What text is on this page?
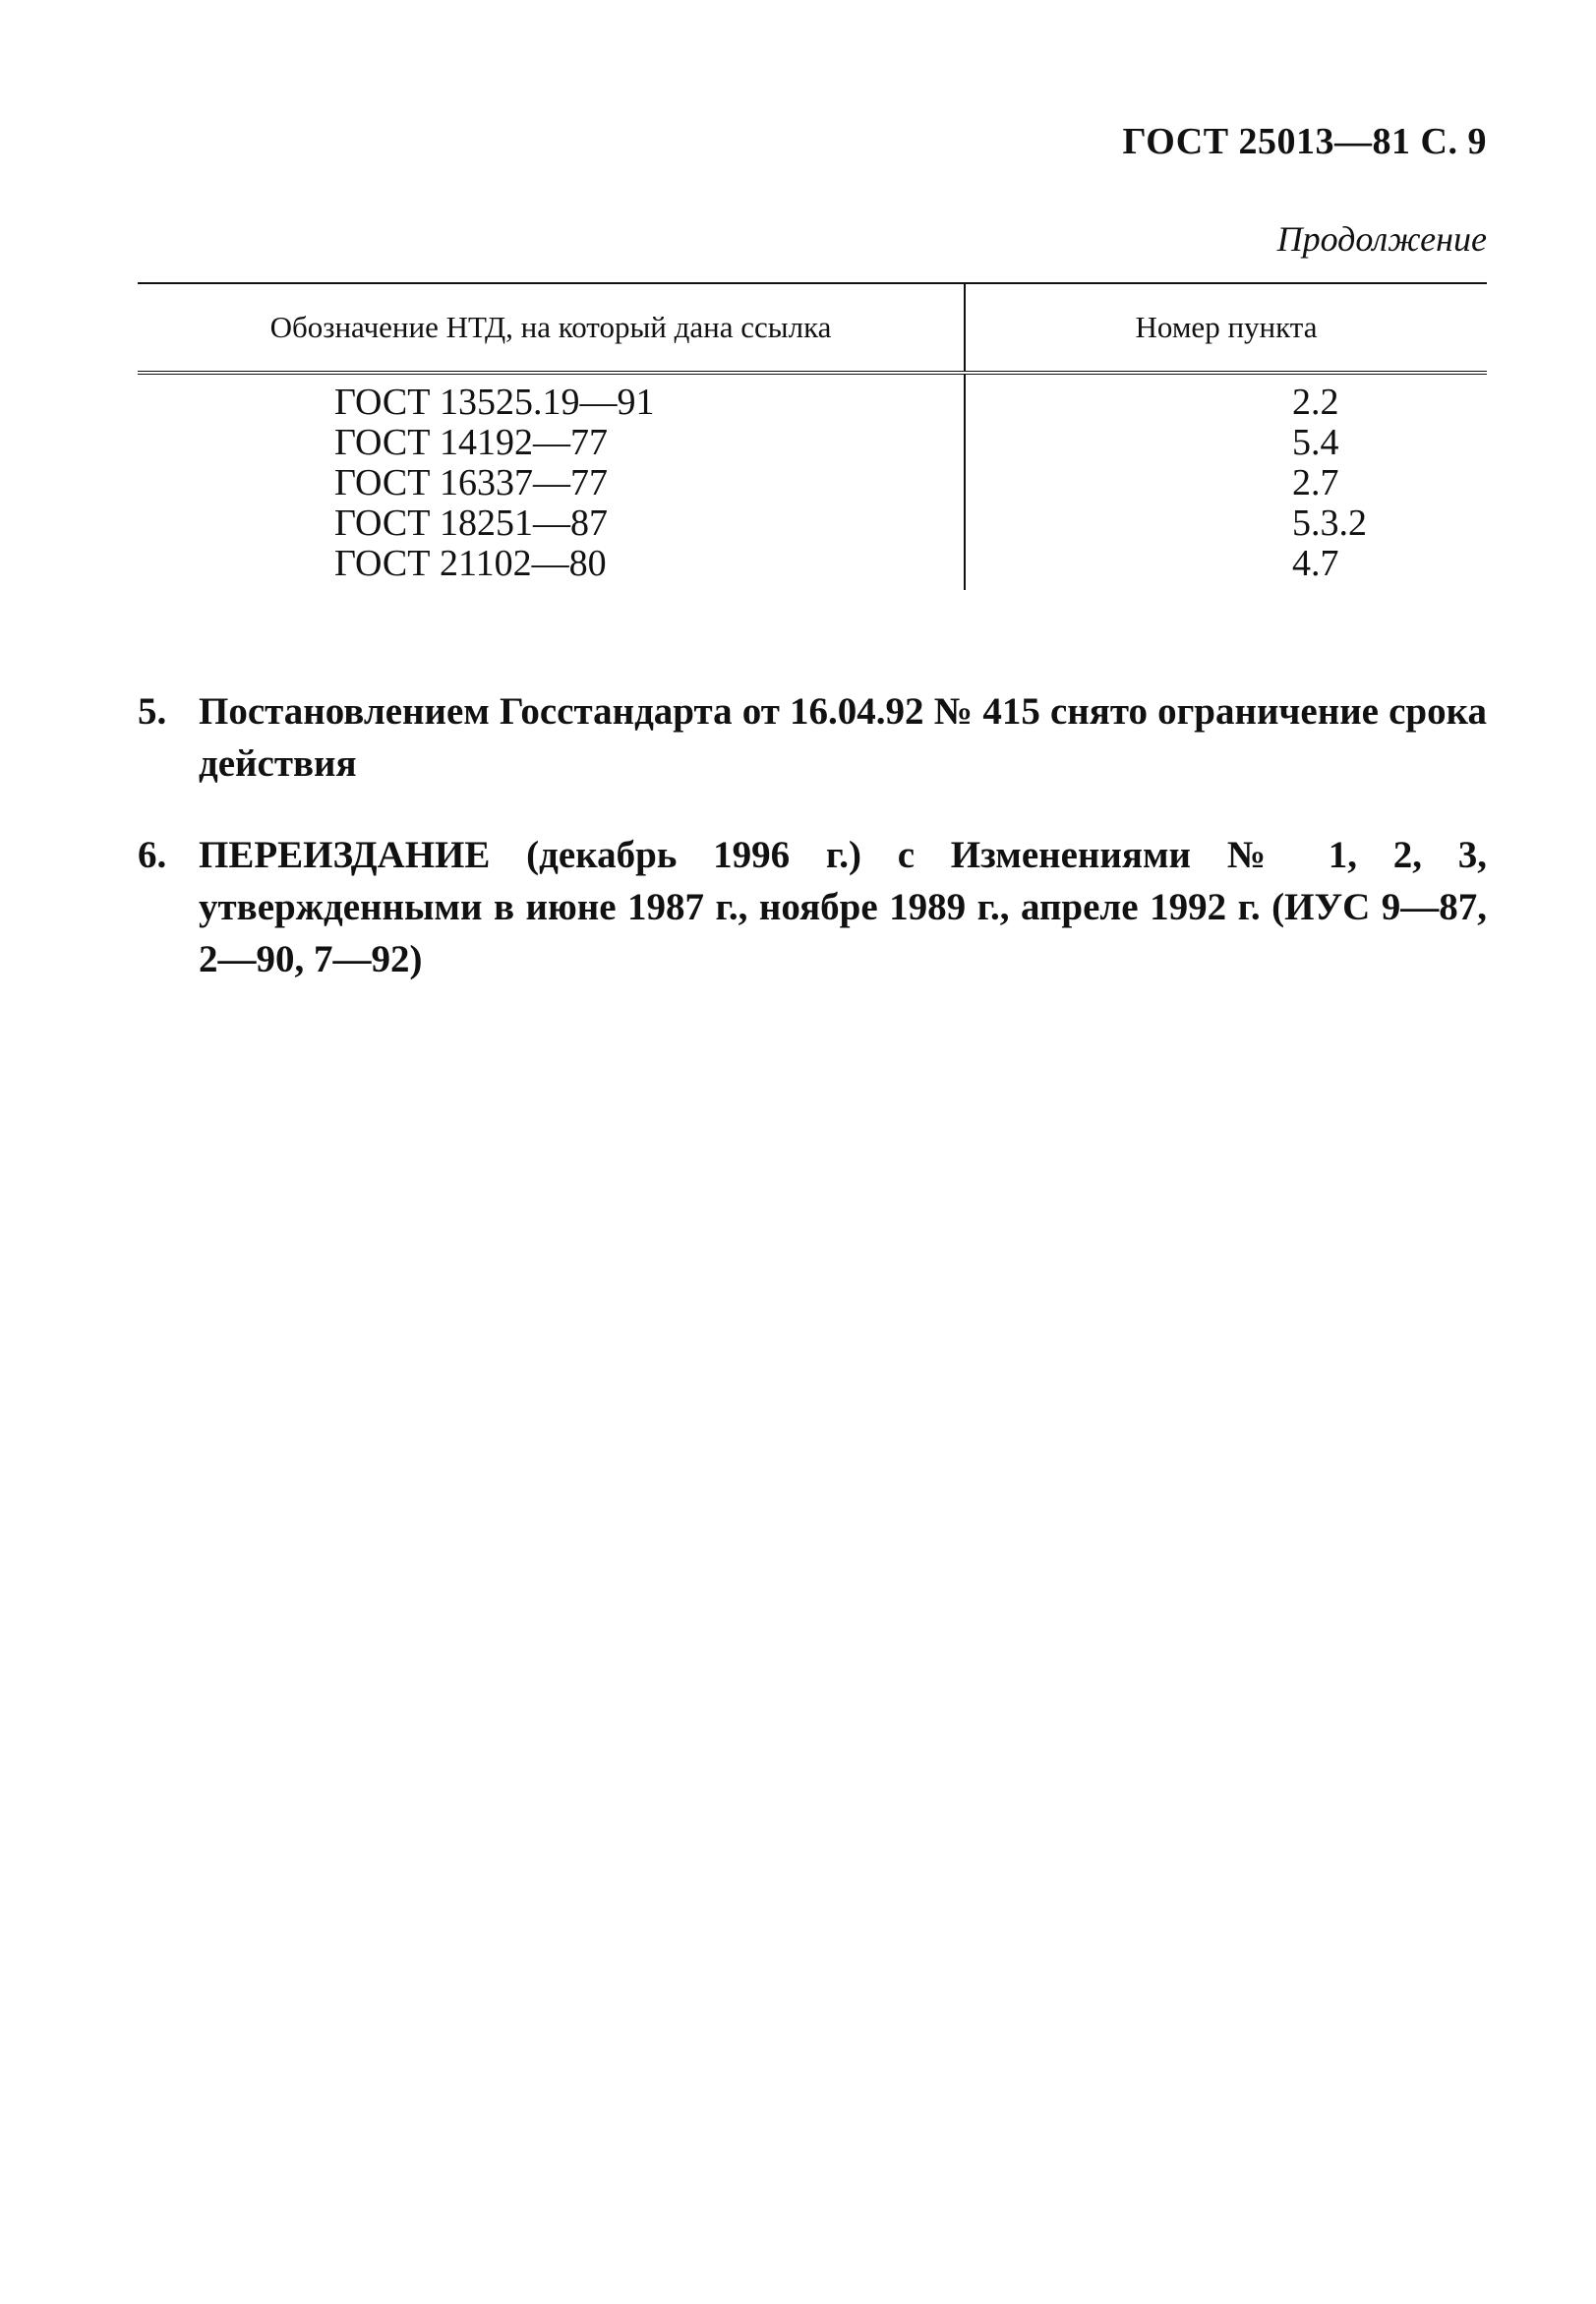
ГОСТ 25013—81 С. 9
Продолжение
Обозначение НТД, на который дана ссылка	Номер пункта
ГОСТ 13525.19—91	2.2
ГОСТ 14192—77	5.4
ГОСТ 16337—77	2.7
ГОСТ 18251—87	5.3.2
ГОСТ 21102—80	4.7
5. Постановлением Госстандарта от 16.04.92 № 415 снято ограничение срока действия
6. ПЕРЕИЗДАНИЕ (декабрь 1996 г.) с Изменениями № 1, 2, 3, утвержденными в июне 1987 г., ноябре 1989 г., апреле 1992 г. (ИУС 9—87, 2—90, 7—92)
